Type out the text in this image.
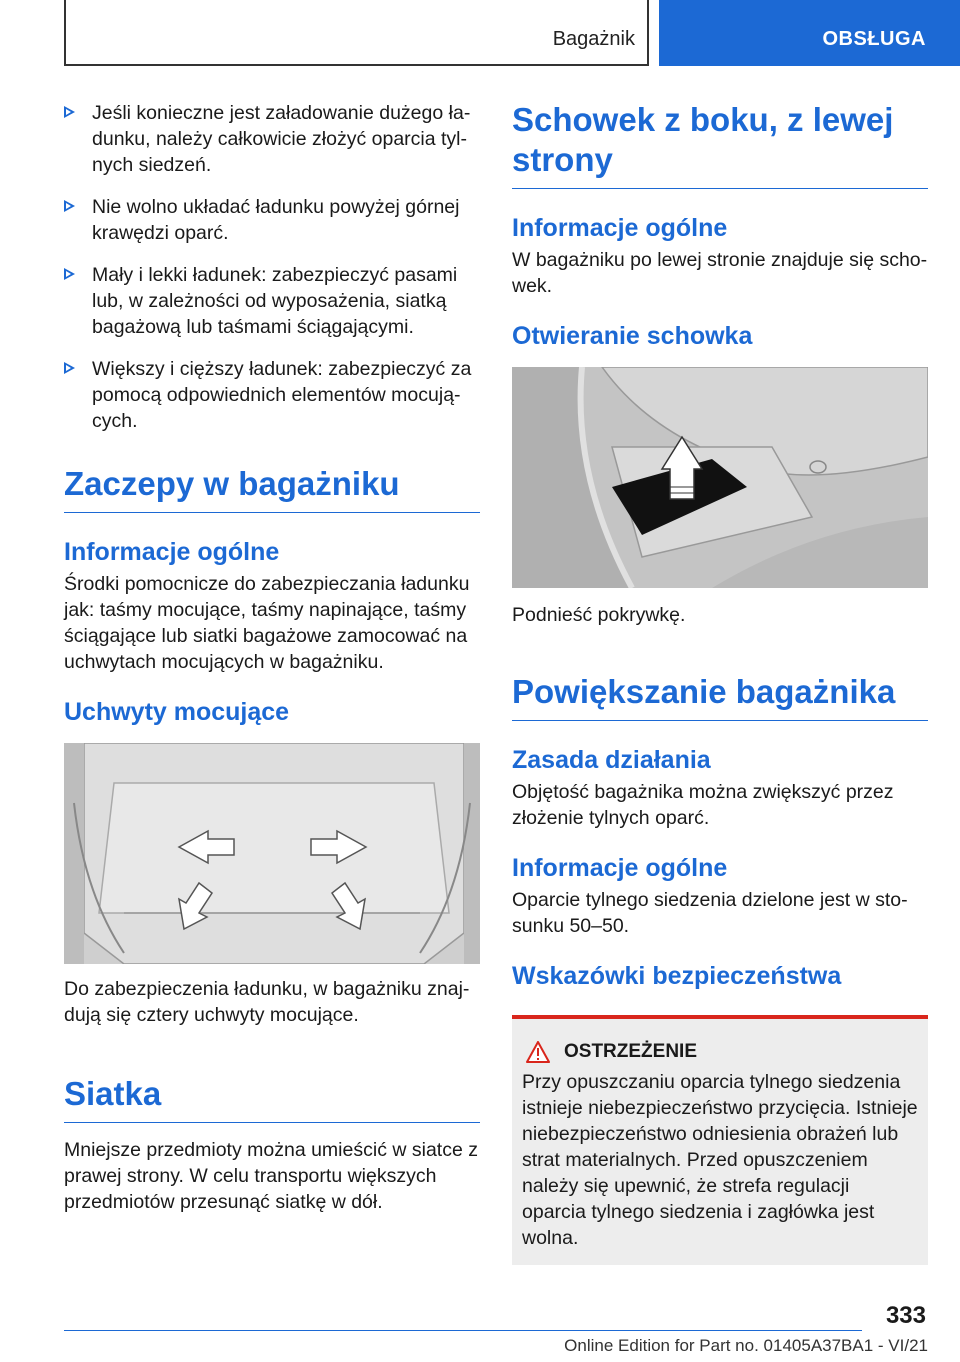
Bagażnik	OBSŁUGA
Jeśli konieczne jest załadowanie dużego ładunku, należy całkowicie złożyć oparcia tylnych siedzeń.
Nie wolno układać ładunku powyżej górnej krawędzi oparć.
Mały i lekki ładunek: zabezpieczyć pasami lub, w zależności od wyposażenia, siatką bagażową lub taśmami ściągającymi.
Większy i cięższy ładunek: zabezpieczyć za pomocą odpowiednich elementów mocujących.
Zaczepy w bagażniku
Informacje ogólne

Środki pomocnicze do zabezpieczania ładunku jak: taśmy mocujące, taśmy napinające, taśmy ściągające lub siatki bagażowe zamocować na uchwytach mocujących w bagażniku.

Uchwyty mocujące

Do zabezpieczenia ładunku, w bagażniku znajdują się cztery uchwyty mocujące.

Siatka

Mniejsze przedmioty można umieścić w siatce z prawej strony. W celu transportu większych przedmiotów przesunąć siatkę w dół.

Schowek z boku, z lewej strony
Informacje ogólne

W bagażniku po lewej stronie znajduje się schowek.

Otwieranie schowka

Podnieść pokrywkę.

Powiększanie bagażnika
Zasada działania

Objętość bagażnika można zwiększyć przez złożenie tylnych oparć.

Informacje ogólne

Oparcie tylnego siedzenia dzielone jest w stosunku 50–50.

Wskazówki bezpieczeństwa
OSTRZEŻENIE

Przy opuszczaniu oparcia tylnego siedzenia istnieje niebezpieczeństwo przycięcia. Istnieje niebezpieczeństwo odniesienia obrażeń lub strat materialnych. Przed opuszczeniem należy się upewnić, że strefa regulacji oparcia tylnego siedzenia i zagłówka jest wolna.

333
Online Edition for Part no. 01405A37BA1 - VI/21
